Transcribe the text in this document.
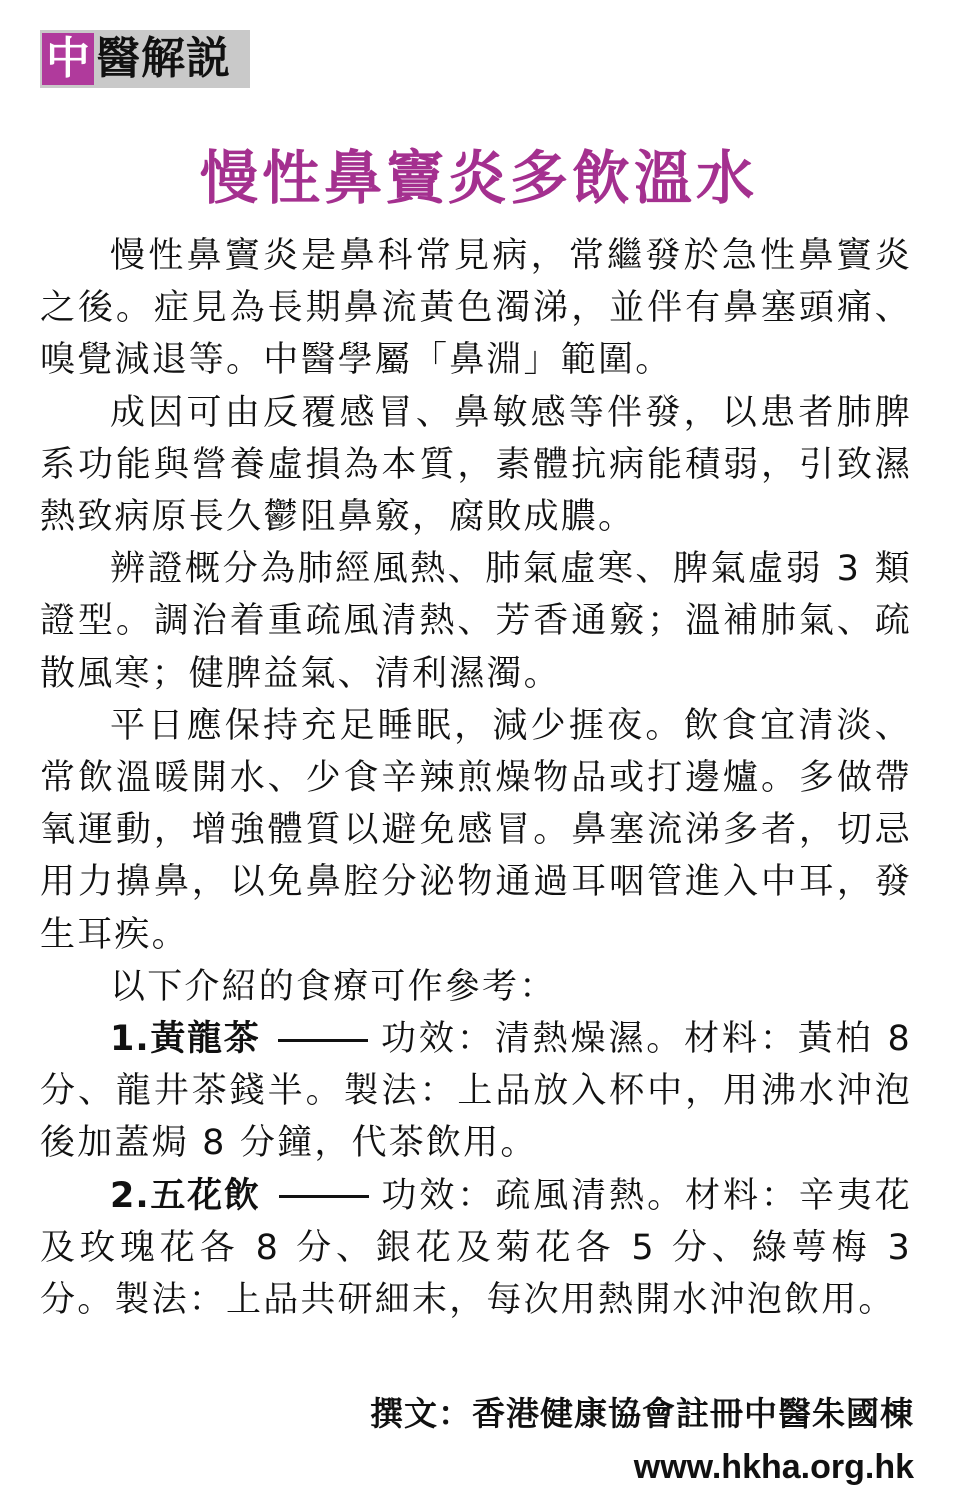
中 醫解説
慢性鼻竇炎多飲溫水

慢性鼻竇炎是鼻科常見病，常繼發於急性鼻竇炎之後。症見為長期鼻流黃色濁涕，並伴有鼻塞頭痛、嗅覺減退等。中醫學屬「鼻淵」範圍。

成因可由反覆感冒、鼻敏感等伴發，以患者肺脾系功能與營養虛損為本質，素體抗病能積弱，引致濕熱致病原長久鬱阻鼻竅，腐敗成膿。

辨證概分為肺經風熱、肺氣虛寒、脾氣虛弱 3 類證型。調治着重疏風清熱、芳香通竅；溫補肺氣、疏散風寒；健脾益氣、清利濕濁。

平日應保持充足睡眠，減少捱夜。飲食宜清淡、常飲溫暖開水、少食辛辣煎燥物品或打邊爐。多做帶氧運動，增強體質以避免感冒。鼻塞流涕多者，切忌用力擤鼻，以免鼻腔分泌物通過耳咽管進入中耳，發生耳疾。

以下介紹的食療可作參考：

1.黃龍茶	功效：清熱燥濕。材料：黃柏 8 分、龍井茶錢半。製法：上品放入杯中，用沸水沖泡後加蓋焗 8 分鐘，代茶飲用。

2.五花飲	功效：疏風清熱。材料：辛夷花及玫瑰花各 8 分、銀花及菊花各 5 分、綠萼梅 3 分。製法：上品共研細末，每次用熱開水沖泡飲用。

撰文：香港健康協會註冊中醫朱國棟
www.hkha.org.hk
